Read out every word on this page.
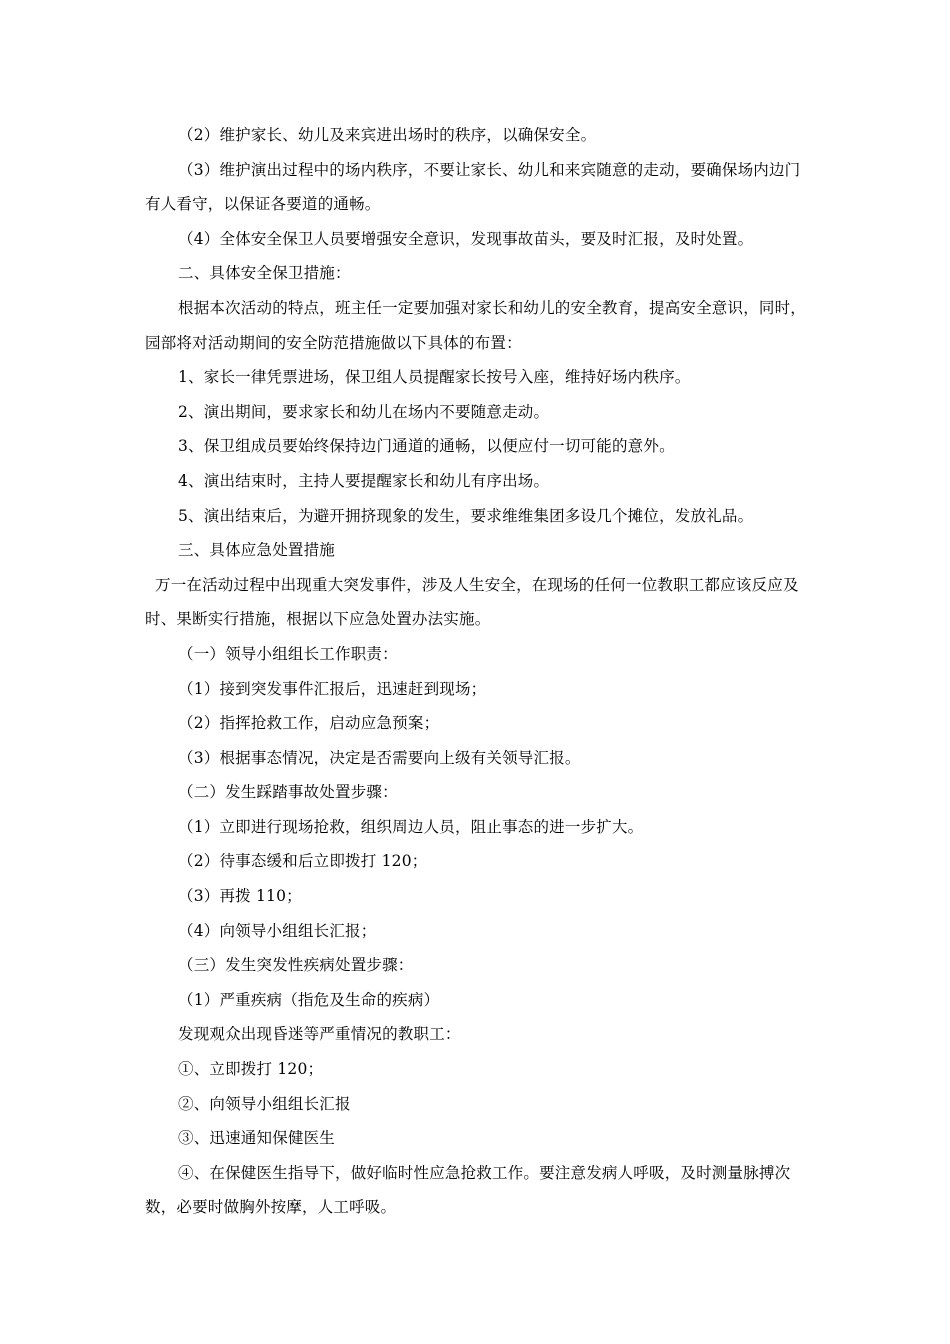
（2）维护家长、幼儿及来宾进出场时的秩序，以确保安全。

（3）维护演出过程中的场内秩序，不要让家长、幼儿和来宾随意的走动，要确保场内边门有人看守，以保证各要道的通畅。

（4）全体安全保卫人员要增强安全意识，发现事故苗头，要及时汇报，及时处置。

二、具体安全保卫措施：

根据本次活动的特点，班主任一定要加强对家长和幼儿的安全教育，提高安全意识，同时，园部将对活动期间的安全防范措施做以下具体的布置：

1、家长一律凭票进场，保卫组人员提醒家长按号入座，维持好场内秩序。

2、演出期间，要求家长和幼儿在场内不要随意走动。

3、保卫组成员要始终保持边门通道的通畅，以便应付一切可能的意外。

4、演出结束时，主持人要提醒家长和幼儿有序出场。

5、演出结束后，为避开拥挤现象的发生，要求维维集团多设几个摊位，发放礼品。

三、具体应急处置措施

万一在活动过程中出现重大突发事件，涉及人生安全，在现场的任何一位教职工都应该反应及时、果断实行措施，根据以下应急处置办法实施。

（一）领导小组组长工作职责：

（1）接到突发事件汇报后，迅速赶到现场；

（2）指挥抢救工作，启动应急预案；

（3）根据事态情况，决定是否需要向上级有关领导汇报。

（二）发生踩踏事故处置步骤：

（1）立即进行现场抢救，组织周边人员，阻止事态的进一步扩大。

（2）待事态缓和后立即拨打 120；

（3）再拨 110；

（4）向领导小组组长汇报；

（三）发生突发性疾病处置步骤：

（1）严重疾病（指危及生命的疾病）

发现观众出现昏迷等严重情况的教职工：

①、立即拨打 120；

②、向领导小组组长汇报

③、迅速通知保健医生

④、在保健医生指导下，做好临时性应急抢救工作。要注意发病人呼吸，及时测量脉搏次数，必要时做胸外按摩，人工呼吸。
